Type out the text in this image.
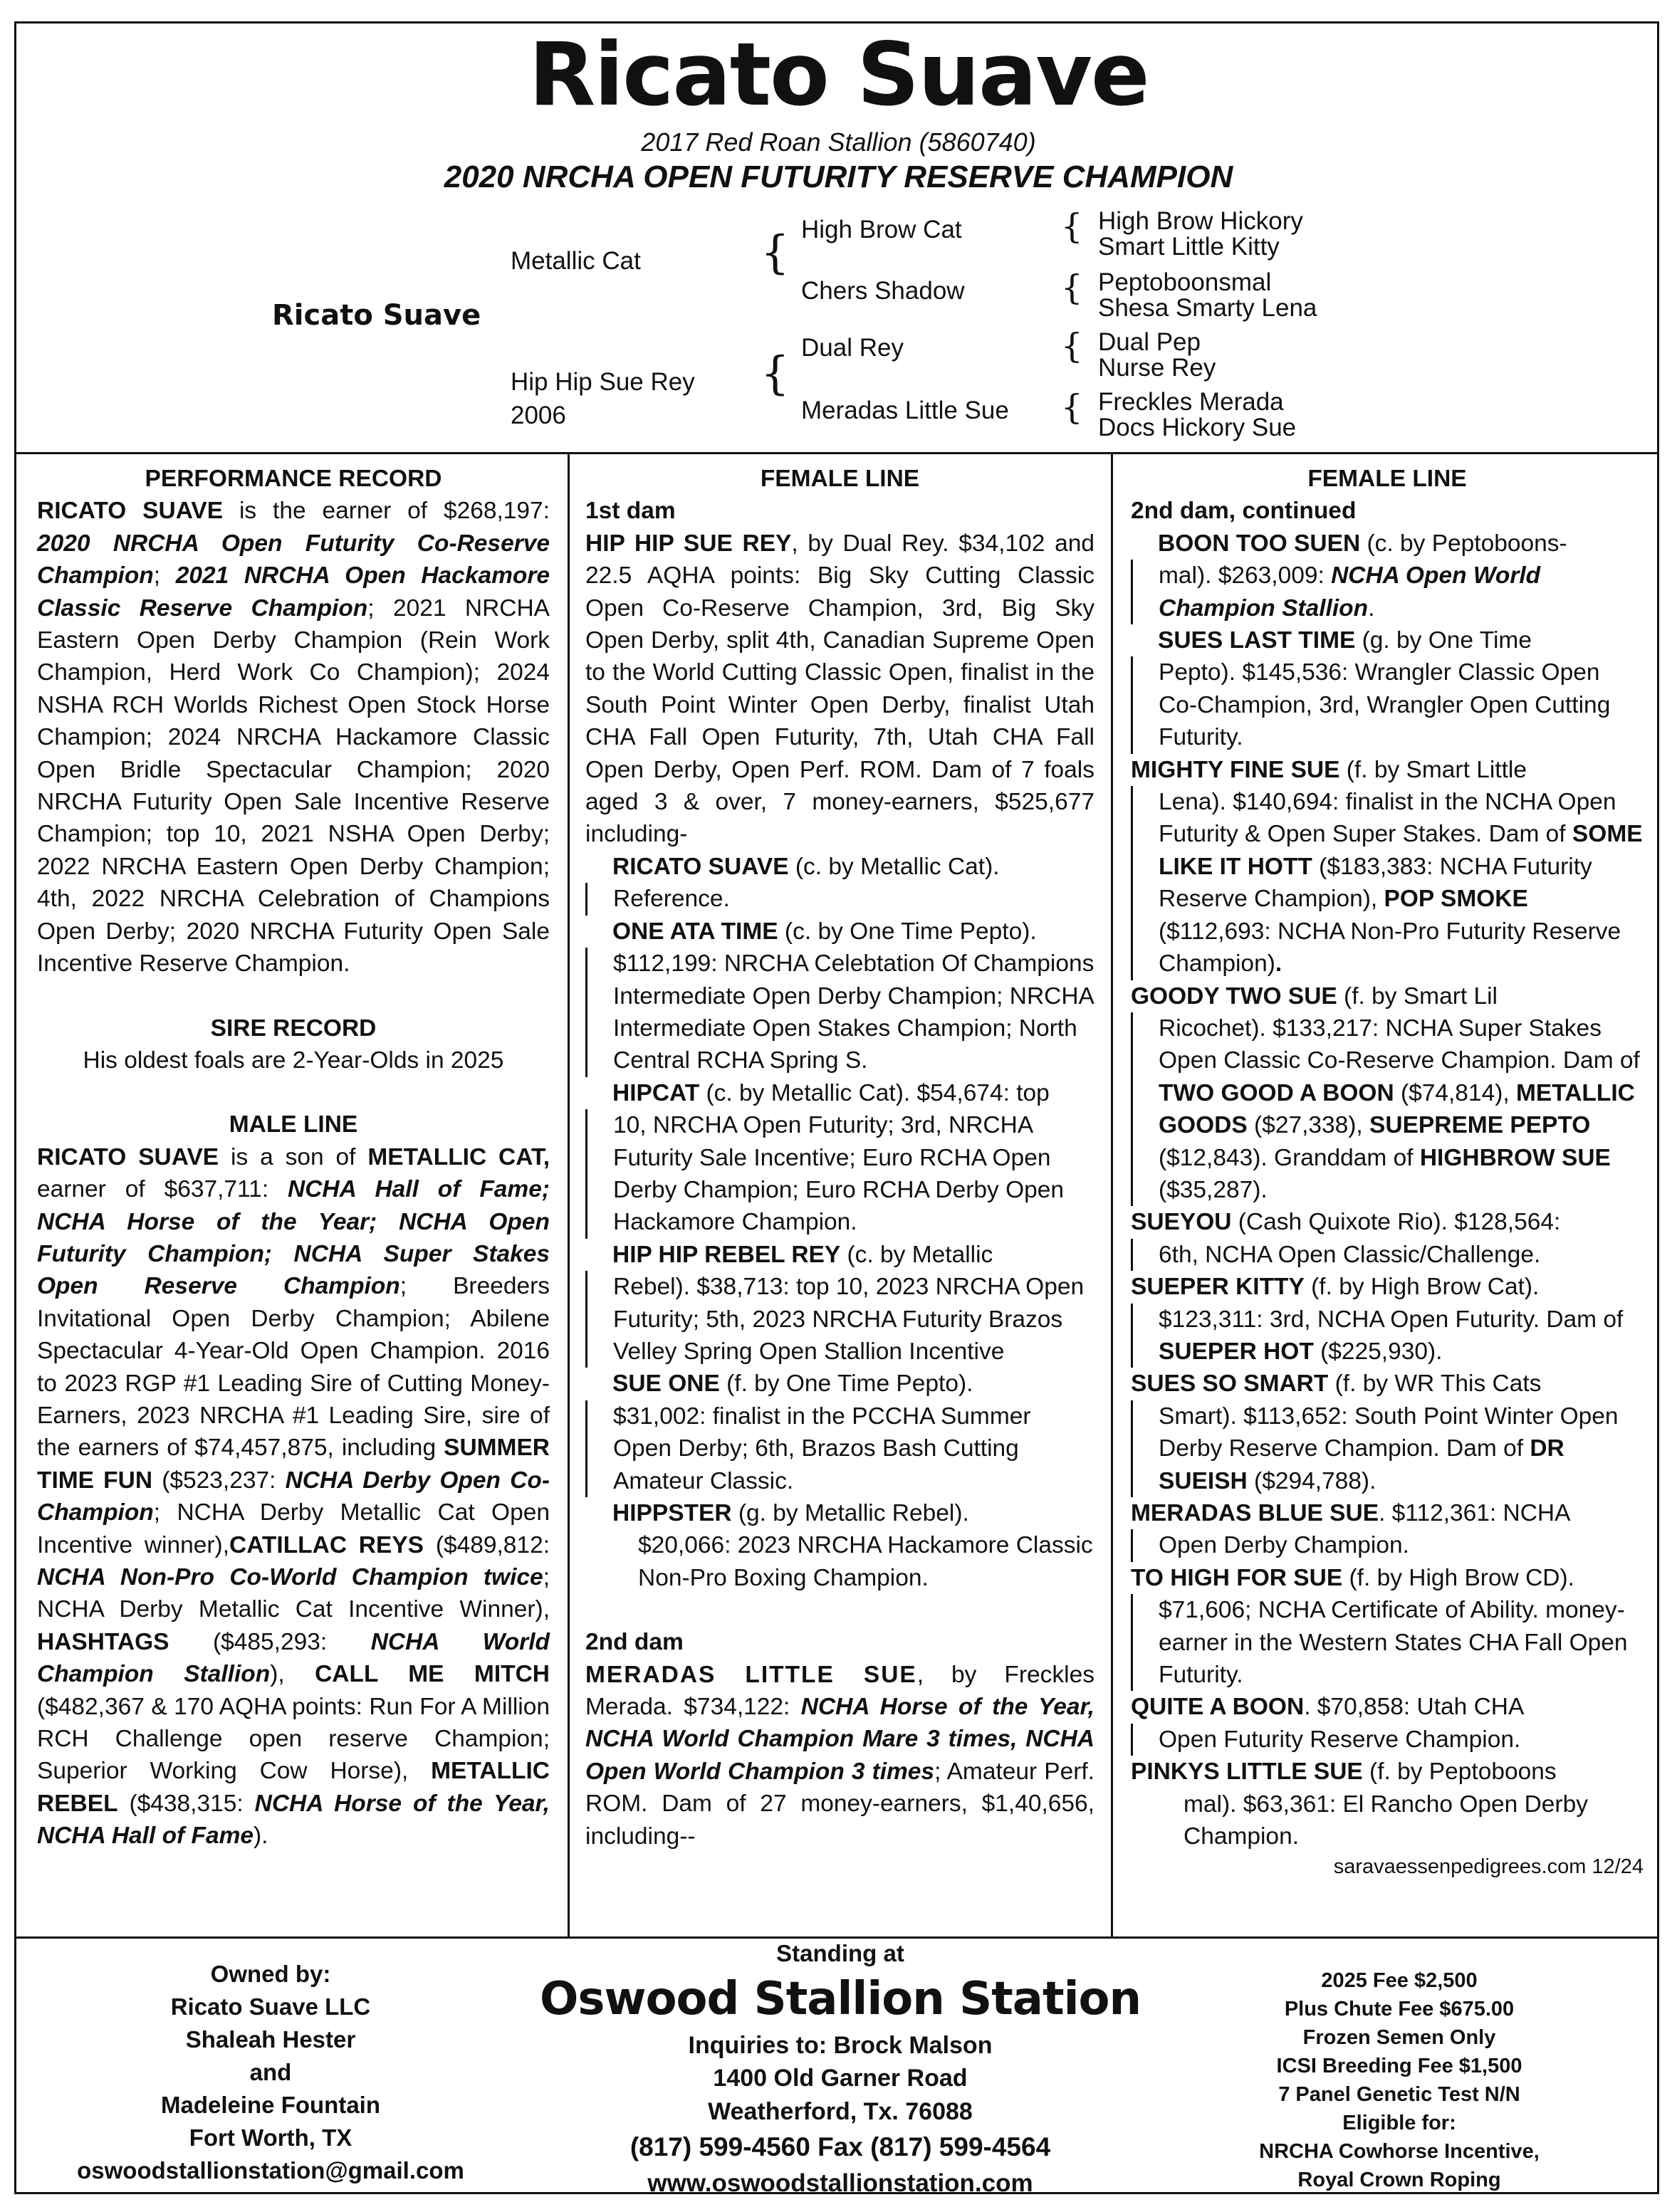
Ricato Suave
2017 Red Roan Stallion (5860740)
2020 NRCHA OPEN FUTURITY RESERVE CHAMPION
Ricato Suave
Metallic Cat
Hip Hip Sue Rey
2006
{
{
High Brow Cat
Chers Shadow
Dual Rey
Meradas Little Sue
{
{
{
{
High Brow Hickory
Smart Little Kitty
Peptoboonsmal
Shesa Smarty Lena
Dual Pep
Nurse Rey
Freckles Merada
Docs Hickory Sue

PERFORMANCE RECORD

RICATO SUAVE is the earner of $268,197: 2020 NRCHA Open Futurity Co-Reserve Champion; 2021 NRCHA Open Hackamore Classic Reserve Champion; 2021 NRCHA Eastern Open Derby Champion (Rein Work Champion, Herd Work Co Champion); 2024 NSHA RCH Worlds Richest Open Stock Horse Champion; 2024 NRCHA Hackamore Classic Open Bridle Spectacular Champion; 2020 NRCHA Futurity Open Sale Incentive Reserve Champion; top 10, 2021 NSHA Open Derby; 2022 NRCHA Eastern Open Derby Champion; 4th, 2022 NRCHA Celebration of Champions Open Derby; 2020 NRCHA Futurity Open Sale Incentive Reserve Champion.

SIRE RECORD

His oldest foals are 2-Year-Olds in 2025

MALE LINE

RICATO SUAVE is a son of METALLIC CAT, earner of $637,711: NCHA Hall of Fame; NCHA Horse of the Year; NCHA Open Futurity Champion; NCHA Super Stakes Open Reserve Champion; Breeders Invitational Open Derby Champion; Abilene Spectacular 4-Year-Old Open Champion. 2016 to 2023 RGP #1 Leading Sire of Cutting Money-Earners, 2023 NRCHA #1 Leading Sire, sire of the earners of $74,457,875, including SUMMER TIME FUN ($523,237: NCHA Derby Open Co-Champion; NCHA Derby Metallic Cat Open Incentive winner),CATILLAC REYS ($489,812: NCHA Non-Pro Co-World Champion twice; NCHA Derby Metallic Cat Incentive Winner), HASHTAGS ($485,293: NCHA World Champion Stallion), CALL ME MITCH ($482,367 & 170 AQHA points: Run For A Million RCH Challenge open reserve Champion; Superior Working Cow Horse), METALLIC REBEL ($438,315: NCHA Horse of the Year, NCHA Hall of Fame).

FEMALE LINE

1st dam

HIP HIP SUE REY, by Dual Rey. $34,102 and 22.5 AQHA points: Big Sky Cutting Classic Open Co-Reserve Champion, 3rd, Big Sky Open Derby, split 4th, Canadian Supreme Open to the World Cutting Classic Open, finalist in the South Point Winter Open Derby, finalist Utah CHA Fall Open Futurity, 7th, Utah CHA Fall Open Derby, Open Perf. ROM. Dam of 7 foals aged 3 & over, 7 money-earners, $525,677 including-

RICATO SUAVE (c. by Metallic Cat).

Reference.

ONE ATA TIME (c. by One Time Pepto).

$112,199: NRCHA Celebtation Of Champions Intermediate Open Derby Champion; NRCHA Intermediate Open Stakes Champion; North Central RCHA Spring S.

HIPCAT (c. by Metallic Cat). $54,674: top

10, NRCHA Open Futurity; 3rd, NRCHA Futurity Sale Incentive; Euro RCHA Open Derby Champion; Euro RCHA Derby Open Hackamore Champion.

HIP HIP REBEL REY (c. by Metallic

Rebel). $38,713: top 10, 2023 NRCHA Open Futurity; 5th, 2023 NRCHA Futurity Brazos Velley Spring Open Stallion Incentive

SUE ONE (f. by One Time Pepto).

$31,002: finalist in the PCCHA Summer Open Derby; 6th, Brazos Bash Cutting Amateur Classic.

HIPPSTER (g. by Metallic Rebel).

$20,066: 2023 NRCHA Hackamore Classic Non-Pro Boxing Champion.

2nd dam

MERADAS LITTLE SUE, by Freckles Merada. $734,122: NCHA Horse of the Year, NCHA World Champion Mare 3 times, NCHA Open World Champion 3 times; Amateur Perf. ROM. Dam of 27 money-earners, $1,40,656, including--

FEMALE LINE

2nd dam, continued

BOON TOO SUEN (c. by Peptoboons-

mal). $263,009: NCHA Open World Champion Stallion.

SUES LAST TIME (g. by One Time

Pepto). $145,536: Wrangler Classic Open Co-Champion, 3rd, Wrangler Open Cutting Futurity.

MIGHTY FINE SUE (f. by Smart Little

Lena). $140,694: finalist in the NCHA Open Futurity & Open Super Stakes. Dam of SOME LIKE IT HOTT ($183,383: NCHA Futurity Reserve Champion), POP SMOKE ($112,693: NCHA Non-Pro Futurity Reserve Champion).

GOODY TWO SUE (f. by Smart Lil

Ricochet). $133,217: NCHA Super Stakes Open Classic Co-Reserve Champion. Dam of TWO GOOD A BOON ($74,814), METALLIC GOODS ($27,338), SUEPREME PEPTO ($12,843). Granddam of HIGHBROW SUE ($35,287).

SUEYOU (Cash Quixote Rio). $128,564:

6th, NCHA Open Classic/Challenge.

SUEPER KITTY (f. by High Brow Cat).

$123,311: 3rd, NCHA Open Futurity. Dam of SUEPER HOT ($225,930).

SUES SO SMART (f. by WR This Cats

Smart). $113,652: South Point Winter Open Derby Reserve Champion. Dam of DR SUEISH ($294,788).

MERADAS BLUE SUE. $112,361: NCHA

Open Derby Champion.

TO HIGH FOR SUE (f. by High Brow CD).

$71,606; NCHA Certificate of Ability. money-earner in the Western States CHA Fall Open Futurity.

QUITE A BOON. $70,858: Utah CHA

Open Futurity Reserve Champion.

PINKYS LITTLE SUE (f. by Peptoboons

mal). $63,361: El Rancho Open Derby Champion.

saravaessenpedigrees.com 12/24

Owned by:
Ricato Suave LLC
Shaleah Hester
and
Madeleine Fountain
Fort Worth, TX
oswoodstallionstation@gmail.com
Standing at
Oswood Stallion Station
Inquiries to: Brock Malson
1400 Old Garner Road
Weatherford, Tx. 76088
(817) 599-4560 Fax (817) 599-4564
www.oswoodstallionstation.com
2025 Fee $2,500
Plus Chute Fee $675.00
Frozen Semen Only
ICSI Breeding Fee $1,500
7 Panel Genetic Test N/N
Eligible for:
NRCHA Cowhorse Incentive,
Royal Crown Roping
